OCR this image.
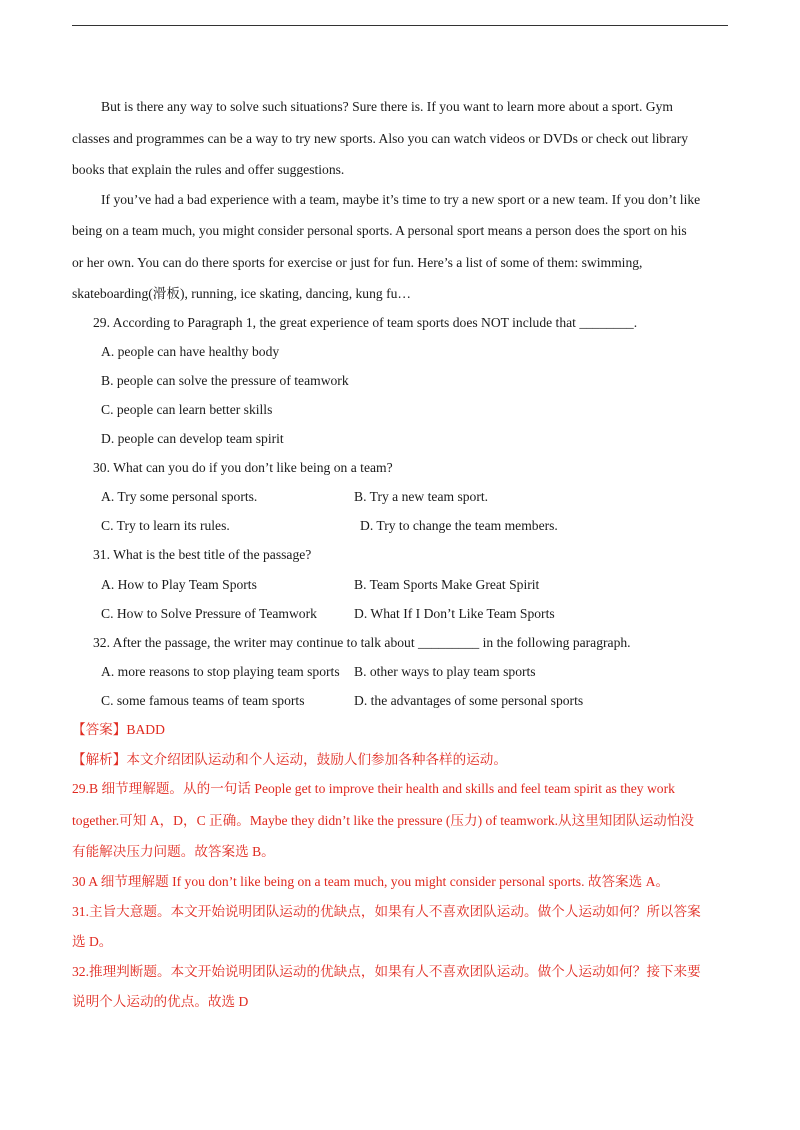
But is there any way to solve such situations? Sure there is. If you want to learn more about a sport. Gym
classes and programmes can be a way to try new sports. Also you can watch videos or DVDs or check out library
books that explain the rules and offer suggestions.
If you’ve had a bad experience with a team, maybe it’s time to try a new sport or a new team. If you don’t like
being on a team much, you might consider personal sports. A personal sport means a person does the sport on his
or her own. You can do there sports for exercise or just for fun. Here’s a list of some of them: swimming,
skateboarding(滑板), running, ice skating, dancing, kung fu…
29. According to Paragraph 1, the great experience of team sports does NOT include that ________.
A. people can have healthy body
B. people can solve the pressure of teamwork
C. people can learn better skills
D. people can develop team spirit
30. What can you do if you don’t like being on a team?
A. Try some personal sports.	B. Try a new team sport.
C. Try to learn its rules.	D. Try to change the team members.
31. What is the best title of the passage?
A. How to Play Team Sports	B. Team Sports Make Great Spirit
C. How to Solve Pressure of Teamwork	D. What If I Don’t Like Team Sports
32. After the passage, the writer may continue to talk about _________ in the following paragraph.
A. more reasons to stop playing team sports B. other ways to play team sports
C. some famous teams of team sports	D. the advantages of some personal sports
【答案】BADD
【解析】本文介绍团队运动和个人运动，鼓励人们参加各种各样的运动。
29.B 细节理解题。从的一句话 People get to improve their health and skills and feel team spirit as they work
together.可知 A，D，C 正确。Maybe they didn’t like the pressure (压力) of teamwork.从这里知团队运动怕没
有能解决压力问题。故答案选 B。
30 A 细节理解题 If you don’t like being on a team much, you might consider personal sports. 故答案选 A。
31.主旨大意题。本文开始说明团队运动的优缺点，如果有人不喜欢团队运动。做个人运动如何？所以答案
选 D。
32.推理判断题。本文开始说明团队运动的优缺点，如果有人不喜欢团队运动。做个人运动如何？接下来要
说明个人运动的优点。故选 D
